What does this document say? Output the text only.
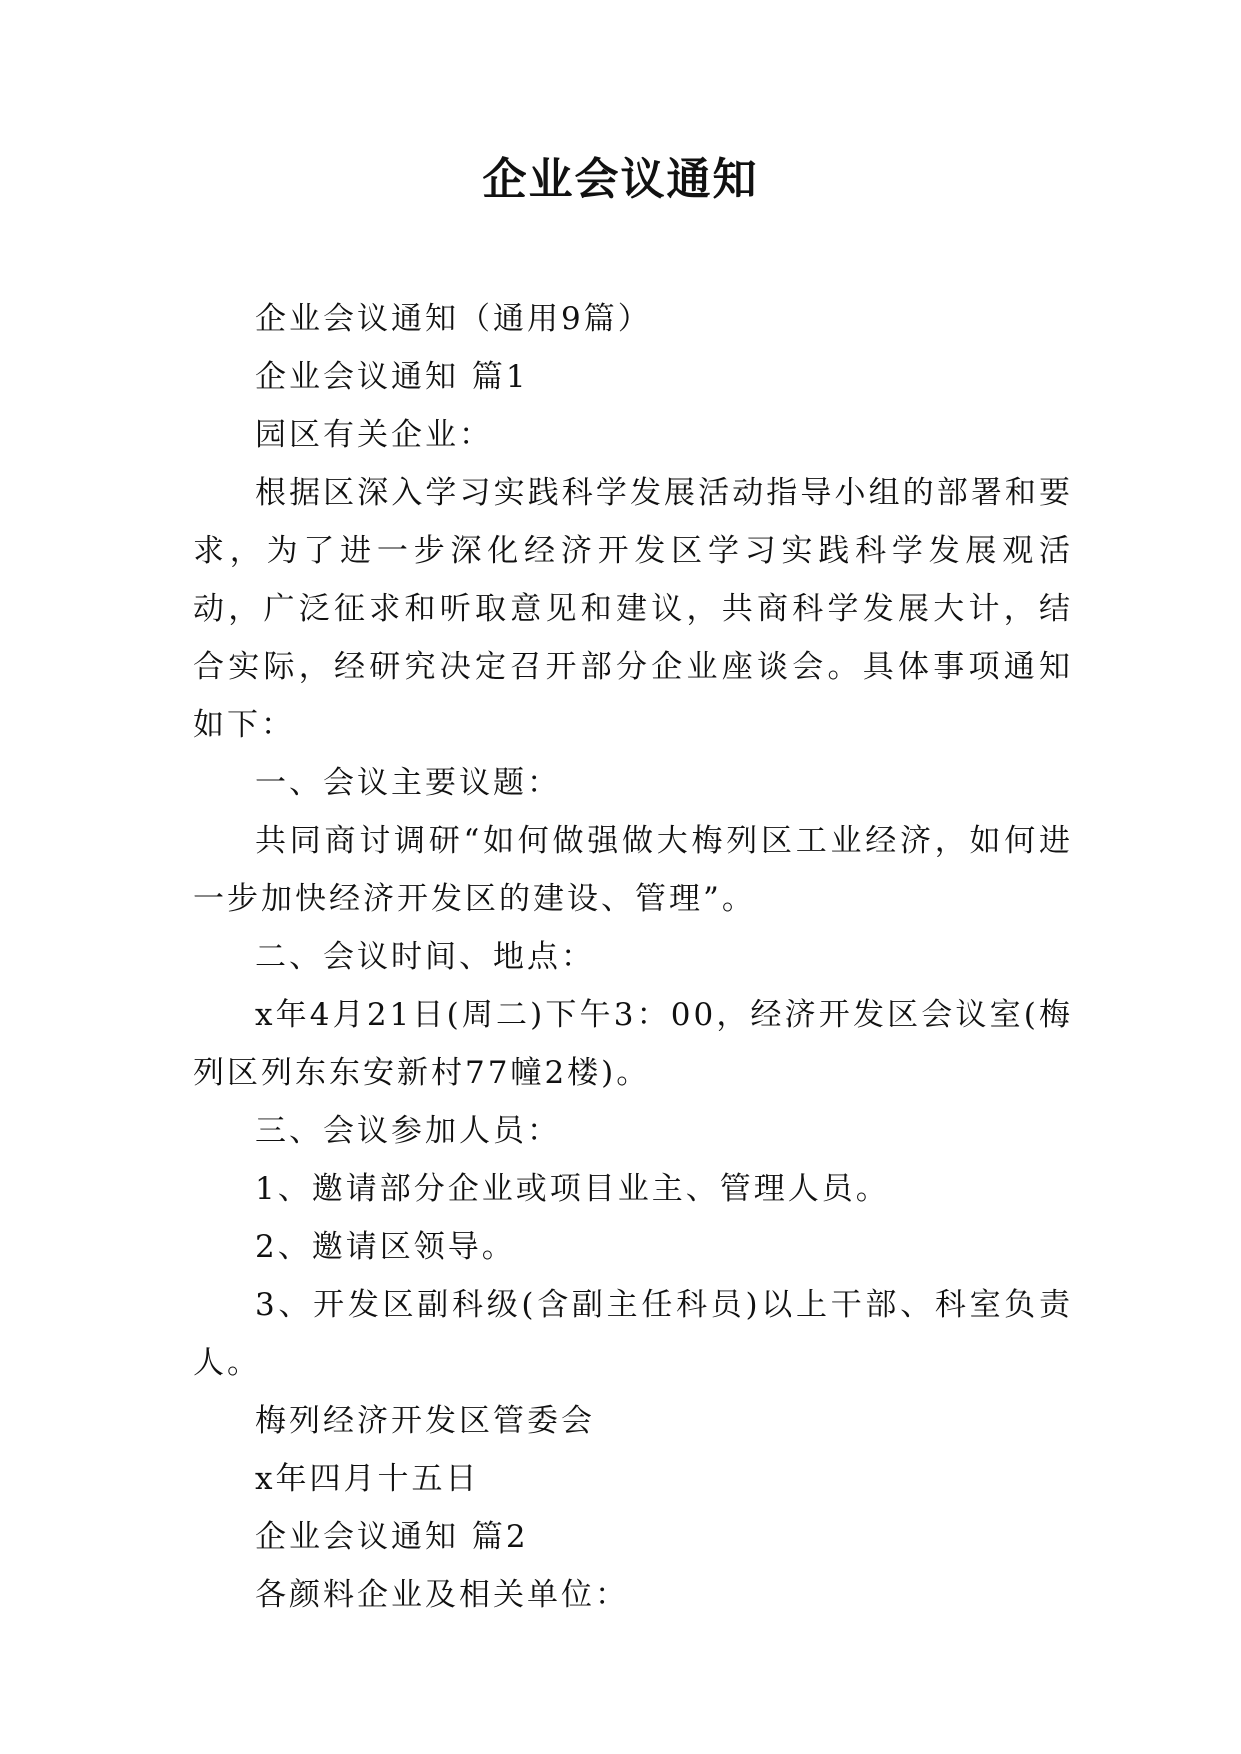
企业会议通知

企业会议通知（通用9篇）

企业会议通知 篇1

园区有关企业：

根据区深入学习实践科学发展活动指导小组的部署和要求，为了进一步深化经济开发区学习实践科学发展观活动，广泛征求和听取意见和建议，共商科学发展大计，结合实际，经研究决定召开部分企业座谈会。具体事项通知如下：

一、会议主要议题：

共同商讨调研“如何做强做大梅列区工业经济，如何进一步加快经济开发区的建设、管理”。

二、会议时间、地点：

x年4月21日(周二)下午3：00，经济开发区会议室(梅列区列东东安新村77幢2楼)。

三、会议参加人员：

1、邀请部分企业或项目业主、管理人员。

2、邀请区领导。

3、开发区副科级(含副主任科员)以上干部、科室负责人。

梅列经济开发区管委会

x年四月十五日

企业会议通知 篇2

各颜料企业及相关单位：
